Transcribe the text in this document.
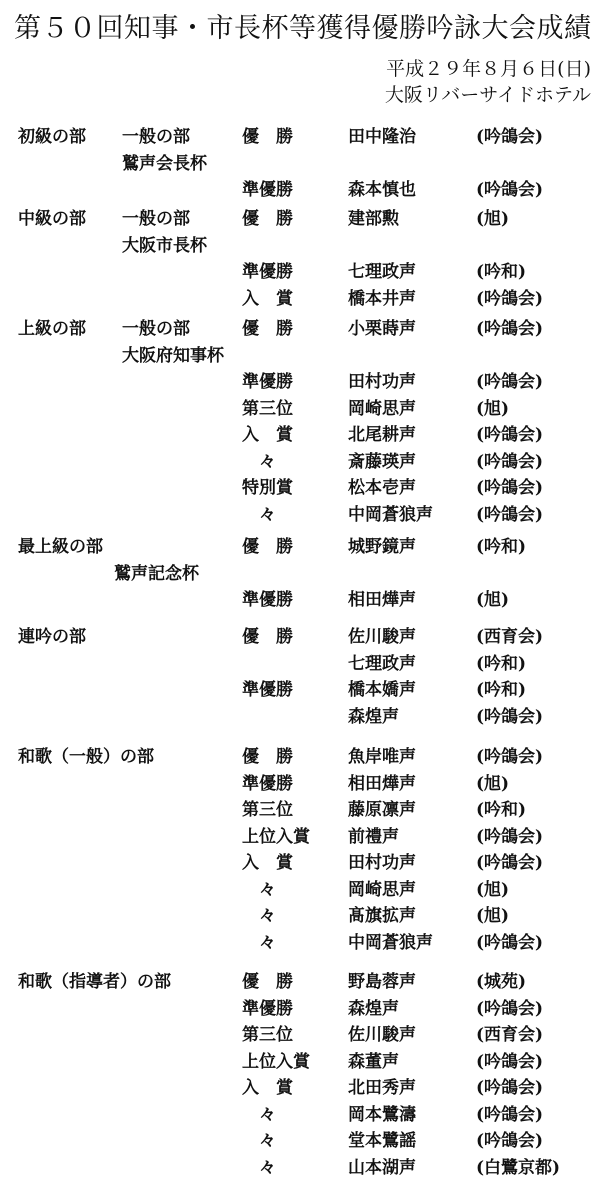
第５０回知事・市長杯等獲得優勝吟詠大会成績
平成２９年８月６日(日)
大阪リバーサイドホテル
初級の部 一般の部	優　勝	田中隆治	(吟鴿会)
鷲声会長杯
準優勝	森本慎也	(吟鴿会)
中級の部 一般の部	優　勝	建部勲	(旭)
大阪市長杯
準優勝	七理政声	(吟和)
入　賞	橋本井声	(吟鴿会)
上級の部 一般の部	優　勝	小栗蒔声	(吟鴿会)
大阪府知事杯
準優勝	田村功声	(吟鴿会)
第三位	岡崎思声	(旭)
入　賞	北尾耕声	(吟鴿会)
　々	斎藤瑛声	(吟鴿会)
特別賞	松本壱声	(吟鴿会)
　々	中岡蒼狼声	(吟鴿会)
最上級の部	優　勝	城野鏡声	(吟和)
鷲声記念杯
準優勝	相田燁声	(旭)
連吟の部	優　勝	佐川駿声	(西育会)
七理政声	(吟和)
準優勝	橋本嬌声	(吟和)
森煌声	(吟鴿会)
和歌（一般）の部	優　勝	魚岸唯声	(吟鴿会)
準優勝	相田燁声	(旭)
第三位	藤原凛声	(吟和)
上位入賞 前禮声	(吟鴿会)
入　賞	田村功声	(吟鴿会)
　々	岡崎思声	(旭)
　々	髙旗拡声	(旭)
　々	中岡蒼狼声	(吟鴿会)
和歌（指導者）の部	優　勝	野島蓉声	(城苑)
準優勝	森煌声	(吟鴿会)
第三位	佐川駿声	(西育会)
上位入賞 森董声	(吟鴿会)
入　賞	北田秀声	(吟鴿会)
　々	岡本鷺濤	(吟鴿会)
　々	堂本鷺謡	(吟鴿会)
　々	山本湖声	(白鷺京都)
